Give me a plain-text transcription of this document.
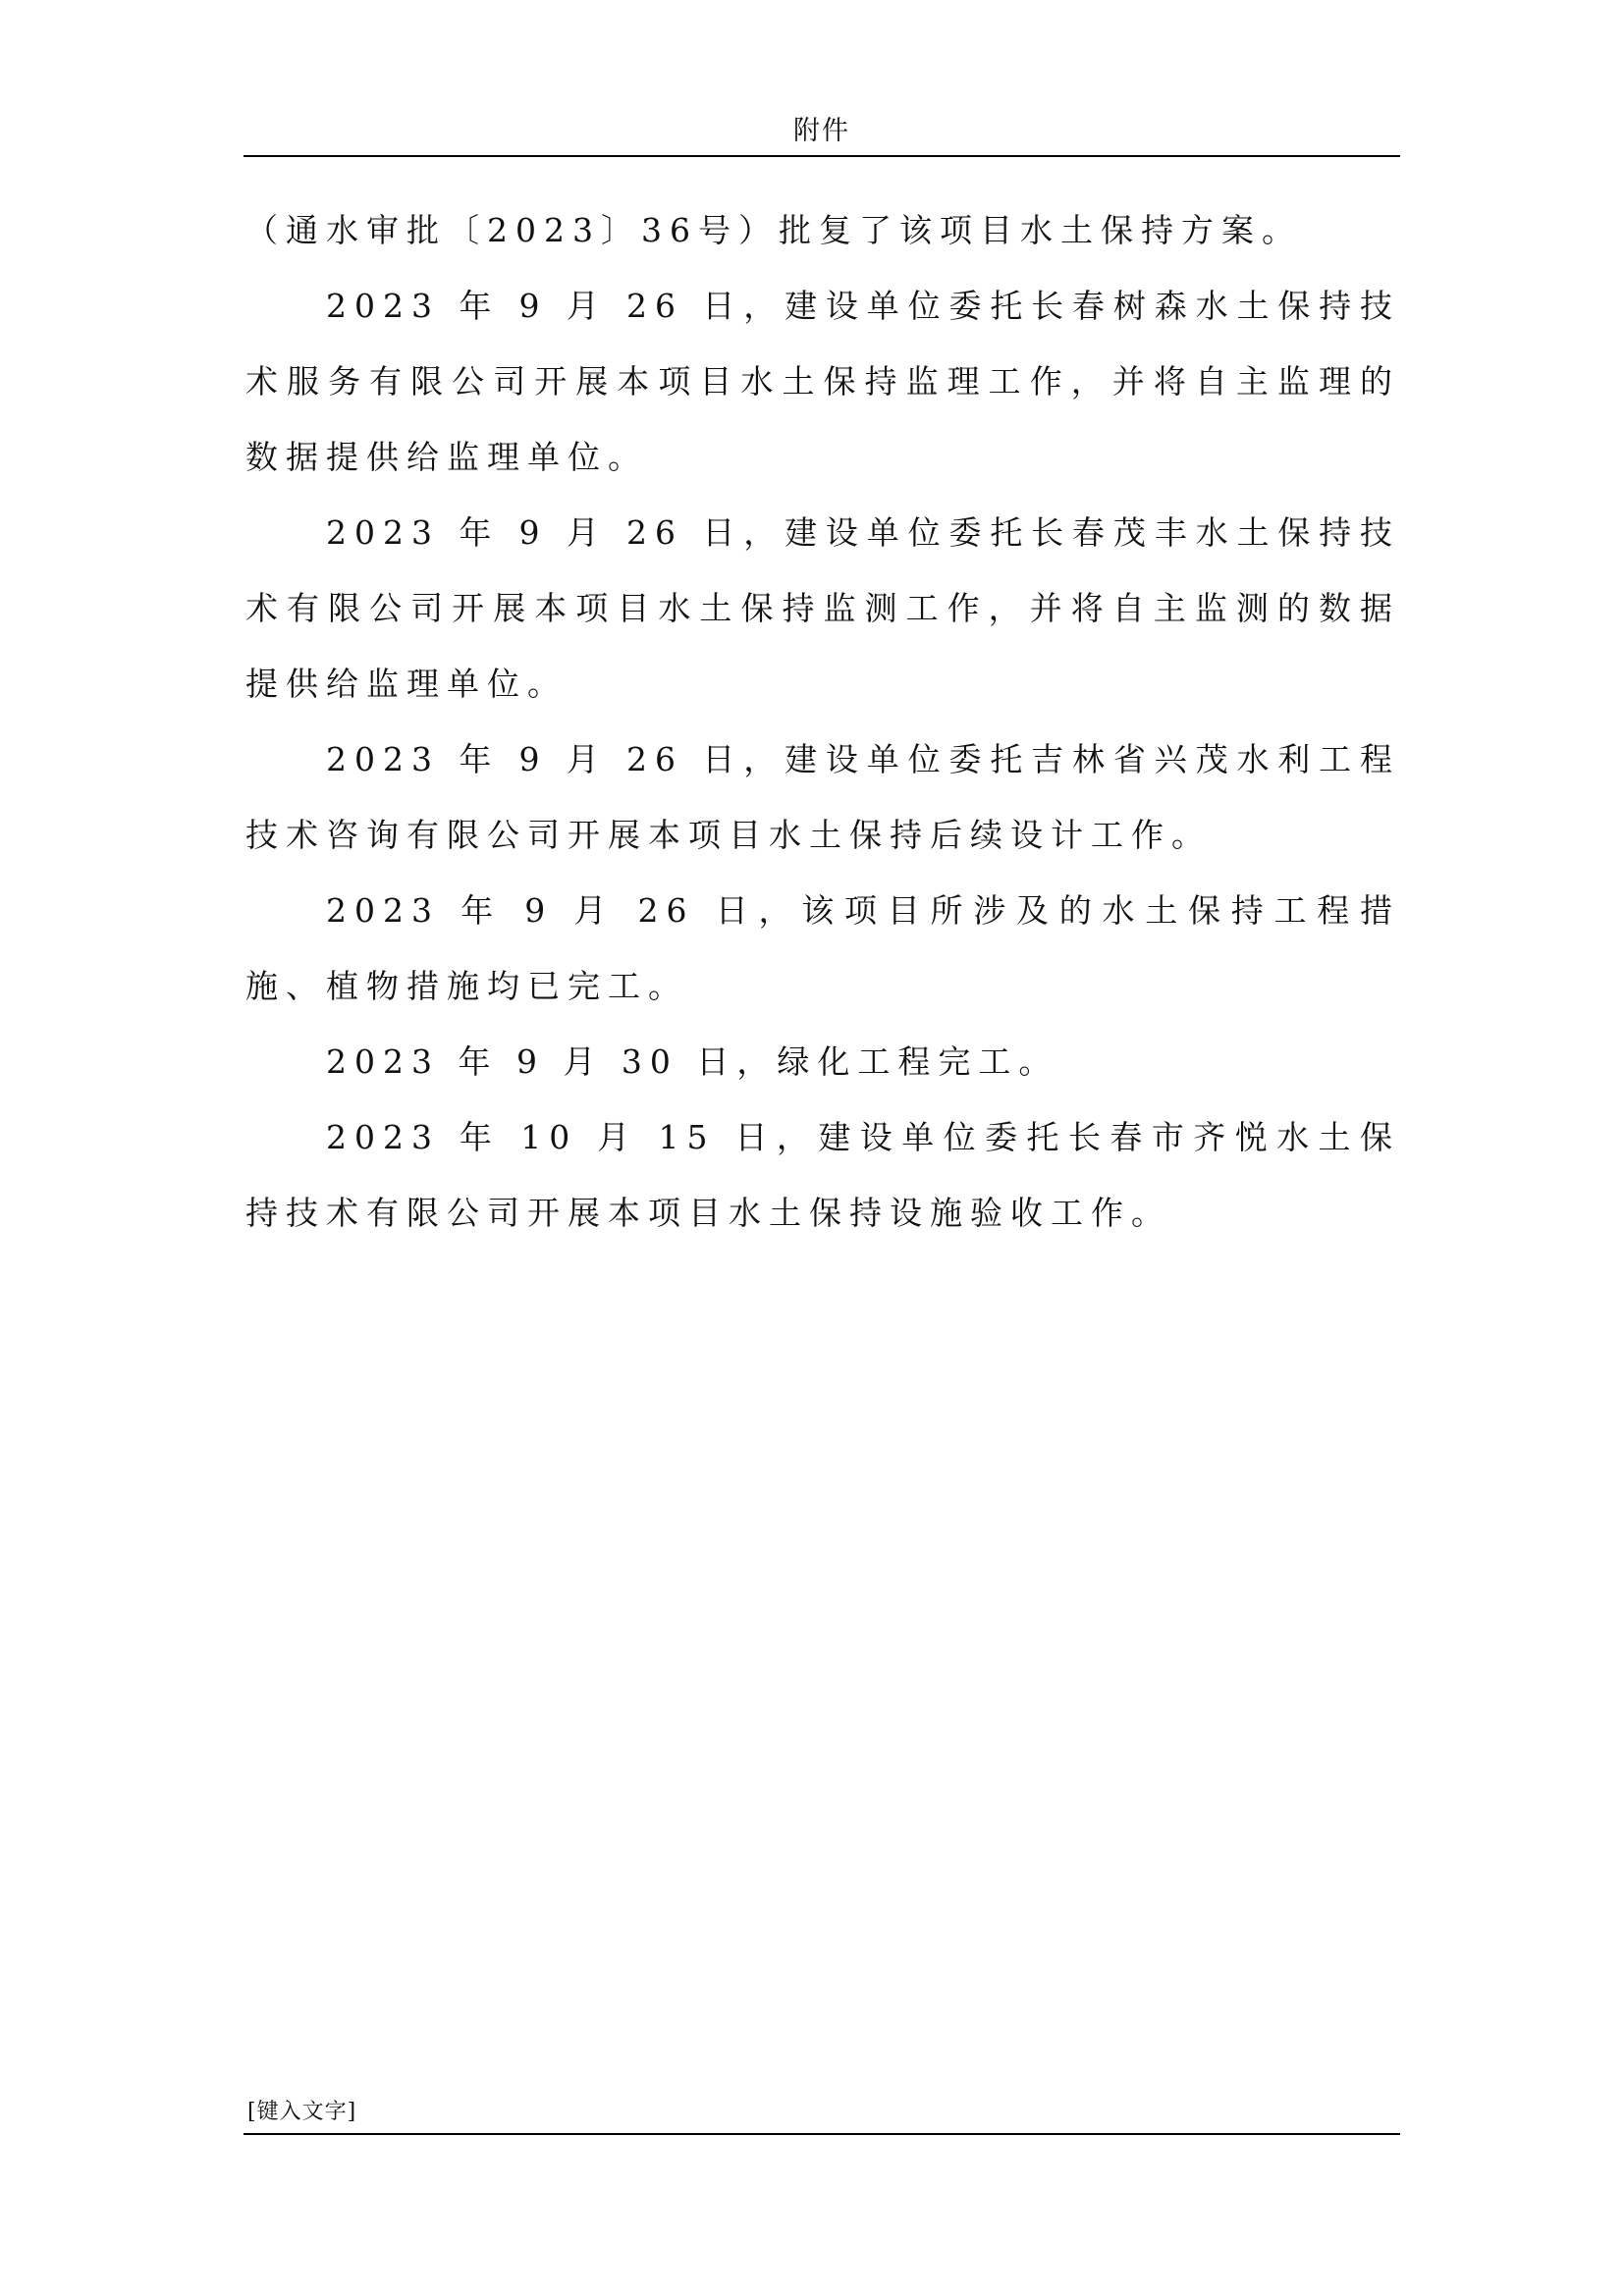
附件

（通水审批〔2023〕36号）批复了该项目水土保持方案。

2023 年 9 月 26 日，建设单位委托长春树森水土保持技术服务有限公司开展本项目水土保持监理工作，并将自主监理的数据提供给监理单位。

2023 年 9 月 26 日，建设单位委托长春茂丰水土保持技术有限公司开展本项目水土保持监测工作，并将自主监测的数据提供给监理单位。

2023 年 9 月 26 日，建设单位委托吉林省兴茂水利工程技术咨询有限公司开展本项目水土保持后续设计工作。

2023 年 9 月 26 日，该项目所涉及的水土保持工程措施、植物措施均已完工。

2023 年 9 月 30 日，绿化工程完工。

2023 年 10 月 15 日，建设单位委托长春市齐悦水土保持技术有限公司开展本项目水土保持设施验收工作。

[键入文字]
